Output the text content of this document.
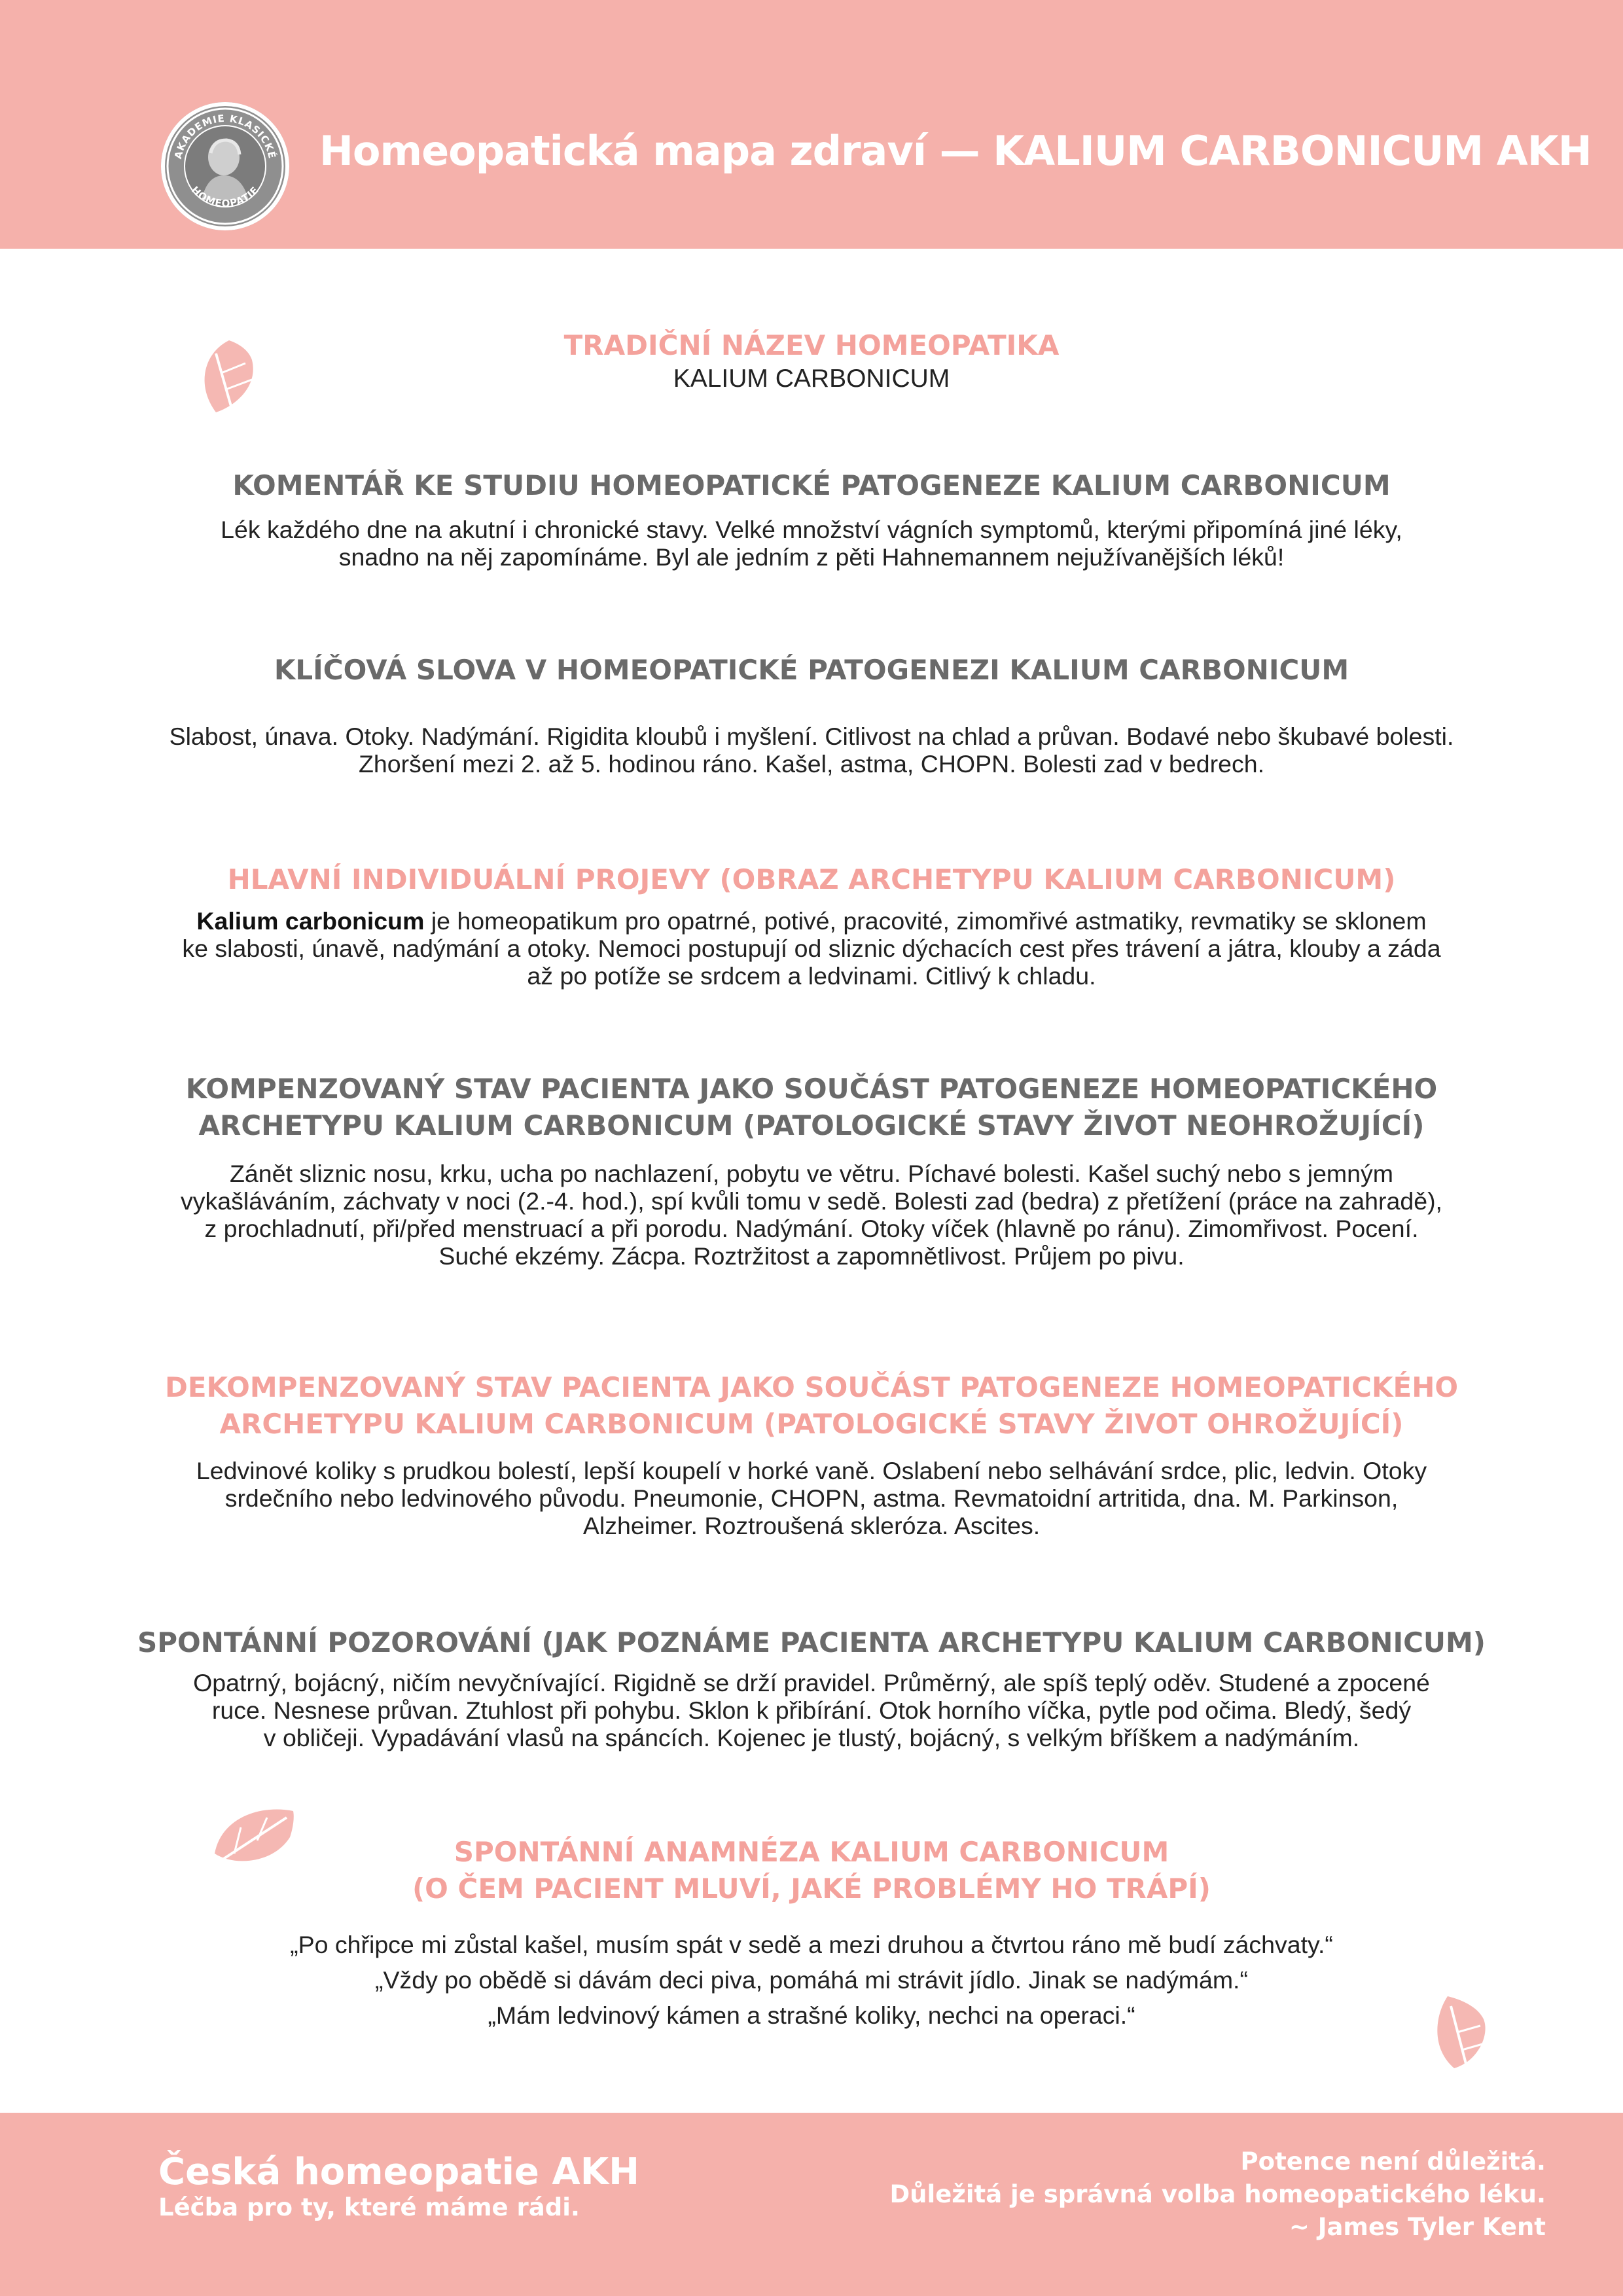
AKADEMIE KLASICKÉ
HOMEOPATIE
Homeopatická mapa zdraví — KALIUM CARBONICUM AKH

TRADIČNÍ NÁZEV HOMEOPATIKA

KALIUM CARBONICUM

KOMENTÁŘ KE STUDIU HOMEOPATICKÉ PATOGENEZE KALIUM CARBONICUM

Lék každého dne na akutní i chronické stavy. Velké množství vágních symptomů, kterými připomíná jiné léky,

snadno na něj zapomínáme. Byl ale jedním z pěti Hahnemannem nejužívanějších léků!

KLÍČOVÁ SLOVA V HOMEOPATICKÉ PATOGENEZI KALIUM CARBONICUM

Slabost, únava. Otoky. Nadýmání. Rigidita kloubů i myšlení. Citlivost na chlad a průvan. Bodavé nebo škubavé bolesti.

Zhoršení mezi 2. až 5. hodinou ráno. Kašel, astma, CHOPN. Bolesti zad v bedrech.

HLAVNÍ INDIVIDUÁLNÍ PROJEVY (OBRAZ ARCHETYPU KALIUM CARBONICUM)

Kalium carbonicum je homeopatikum pro opatrné, potivé, pracovité, zimomřivé astmatiky, revmatiky se sklonem

ke slabosti, únavě, nadýmání a otoky. Nemoci postupují od sliznic dýchacích cest přes trávení a játra, klouby a záda

až po potíže se srdcem a ledvinami. Citlivý k chladu.

KOMPENZOVANÝ STAV PACIENTA JAKO SOUČÁST PATOGENEZE HOMEOPATICKÉHO

ARCHETYPU KALIUM CARBONICUM (PATOLOGICKÉ STAVY ŽIVOT NEOHROŽUJÍCÍ)

Zánět sliznic nosu, krku, ucha po nachlazení, pobytu ve větru. Píchavé bolesti. Kašel suchý nebo s jemným

vykašláváním, záchvaty v noci (2.-4. hod.), spí kvůli tomu v sedě. Bolesti zad (bedra) z přetížení (práce na zahradě),

z prochladnutí, při/před menstruací a při porodu. Nadýmání. Otoky víček (hlavně po ránu). Zimomřivost. Pocení.

Suché ekzémy. Zácpa. Roztržitost a zapomnětlivost. Průjem po pivu.

DEKOMPENZOVANÝ STAV PACIENTA JAKO SOUČÁST PATOGENEZE HOMEOPATICKÉHO

ARCHETYPU KALIUM CARBONICUM (PATOLOGICKÉ STAVY ŽIVOT OHROŽUJÍCÍ)

Ledvinové koliky s prudkou bolestí, lepší koupelí v horké vaně. Oslabení nebo selhávání srdce, plic, ledvin. Otoky

srdečního nebo ledvinového původu. Pneumonie, CHOPN, astma. Revmatoidní artritida, dna. M. Parkinson,

Alzheimer. Roztroušená skleróza. Ascites.

SPONTÁNNÍ POZOROVÁNÍ (JAK POZNÁME PACIENTA ARCHETYPU KALIUM CARBONICUM)

Opatrný, bojácný, ničím nevyčnívající. Rigidně se drží pravidel. Průměrný, ale spíš teplý oděv. Studené a zpocené

ruce. Nesnese průvan. Ztuhlost při pohybu. Sklon k přibírání. Otok horního víčka, pytle pod očima. Bledý, šedý

v obličeji. Vypadávání vlasů na spáncích. Kojenec je tlustý, bojácný, s velkým bříškem a nadýmáním.

SPONTÁNNÍ ANAMNÉZA KALIUM CARBONICUM

(O ČEM PACIENT MLUVÍ, JAKÉ PROBLÉMY HO TRÁPÍ)

„Po chřipce mi zůstal kašel, musím spát v sedě a mezi druhou a čtvrtou ráno mě budí záchvaty.“

„Vždy po obědě si dávám deci piva, pomáhá mi strávit jídlo. Jinak se nadýmám.“

„Mám ledvinový kámen a strašné koliky, nechci na operaci.“

Česká homeopatie AKH
Léčba pro ty, které máme rádi.
Potence není důležitá.
Důležitá je správná volba homeopatického léku.
~ James Tyler Kent
